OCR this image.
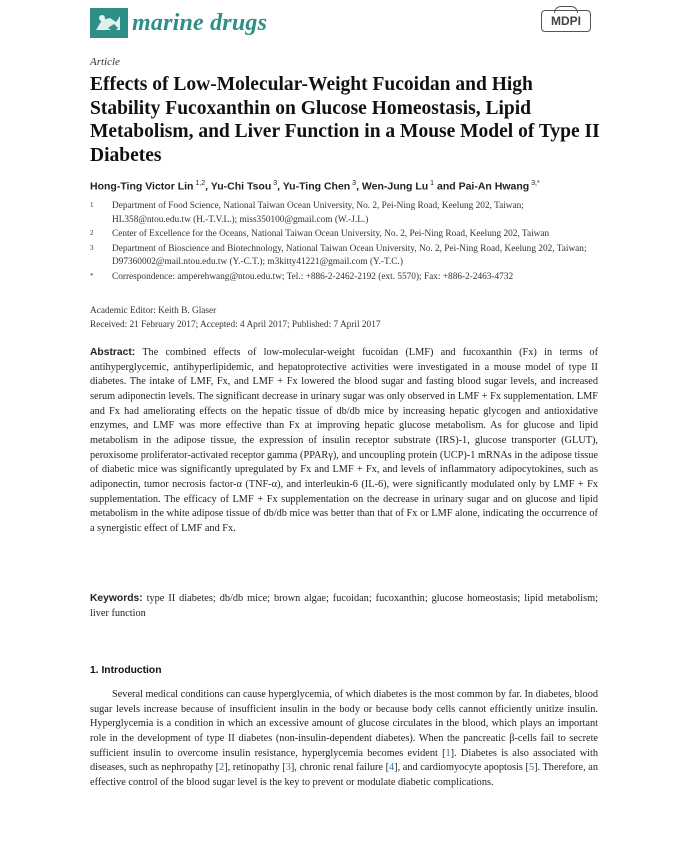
marine drugs	MDPI
Article
Effects of Low-Molecular-Weight Fucoidan and High Stability Fucoxanthin on Glucose Homeostasis, Lipid Metabolism, and Liver Function in a Mouse Model of Type II Diabetes
Hong-Ting Victor Lin $^{1,2}$, Yu-Chi Tsou $^3$, Yu-Ting Chen $^3$, Wen-Jung Lu $^1$ and Pai-An Hwang $^{3,*}$
1	Department of Food Science, National Taiwan Ocean University, No. 2, Pei-Ning Road, Keelung 202, Taiwan; HL358@ntou.edu.tw (H.-T.V.L.); miss350100@gmail.com (W.-J.L.)
2	Center of Excellence for the Oceans, National Taiwan Ocean University, No. 2, Pei-Ning Road, Keelung 202, Taiwan
3	Department of Bioscience and Biotechnology, National Taiwan Ocean University, No. 2, Pei-Ning Road, Keelung 202, Taiwan; D97360002@mail.ntou.edu.tw (Y.-C.T.); m3kitty41221@gmail.com (Y.-T.C.)
*	Correspondence: amperehwang@ntou.edu.tw; Tel.: +886-2-2462-2192 (ext. 5570); Fax: +886-2-2463-4732
Academic Editor: Keith B. Glaser
Received: 21 February 2017; Accepted: 4 April 2017; Published: 7 April 2017
Abstract: The combined effects of low-molecular-weight fucoidan (LMF) and fucoxanthin (Fx) in terms of antihyperglycemic, antihyperlipidemic, and hepatoprotective activities were investigated in a mouse model of type II diabetes. The intake of LMF, Fx, and LMF + Fx lowered the blood sugar and fasting blood sugar levels, and increased serum adiponectin levels. The significant decrease in urinary sugar was only observed in LMF + Fx supplementation. LMF and Fx had ameliorating effects on the hepatic tissue of db/db mice by increasing hepatic glycogen and antioxidative enzymes, and LMF was more effective than Fx at improving hepatic glucose metabolism. As for glucose and lipid metabolism in the adipose tissue, the expression of insulin receptor substrate (IRS)-1, glucose transporter (GLUT), peroxisome proliferator-activated receptor gamma (PPARγ), and uncoupling protein (UCP)-1 mRNAs in the adipose tissue of diabetic mice was significantly upregulated by Fx and LMF + Fx, and levels of inflammatory adipocytokines, such as adiponectin, tumor necrosis factor-α (TNF-α), and interleukin-6 (IL-6), were significantly modulated only by LMF + Fx supplementation. The efficacy of LMF + Fx supplementation on the decrease in urinary sugar and on glucose and lipid metabolism in the white adipose tissue of db/db mice was better than that of Fx or LMF alone, indicating the occurrence of a synergistic effect of LMF and Fx.
Keywords: type II diabetes; db/db mice; brown algae; fucoidan; fucoxanthin; glucose homeostasis; lipid metabolism; liver function
1. Introduction

Several medical conditions can cause hyperglycemia, of which diabetes is the most common by far. In diabetes, blood sugar levels increase because of insufficient insulin in the body or because body cells cannot efficiently unitize insulin. Hyperglycemia is a condition in which an excessive amount of glucose circulates in the blood, which plays an important role in the development of type II diabetes (non-insulin-dependent diabetes). When the pancreatic β-cells fail to secrete sufficient insulin to overcome insulin resistance, hyperglycemia becomes evident [1]. Diabetes is also associated with diseases, such as nephropathy [2], retinopathy [3], chronic renal failure [4], and cardiomyocyte apoptosis [5]. Therefore, an effective control of the blood sugar level is the key to prevent or modulate diabetic complications.
